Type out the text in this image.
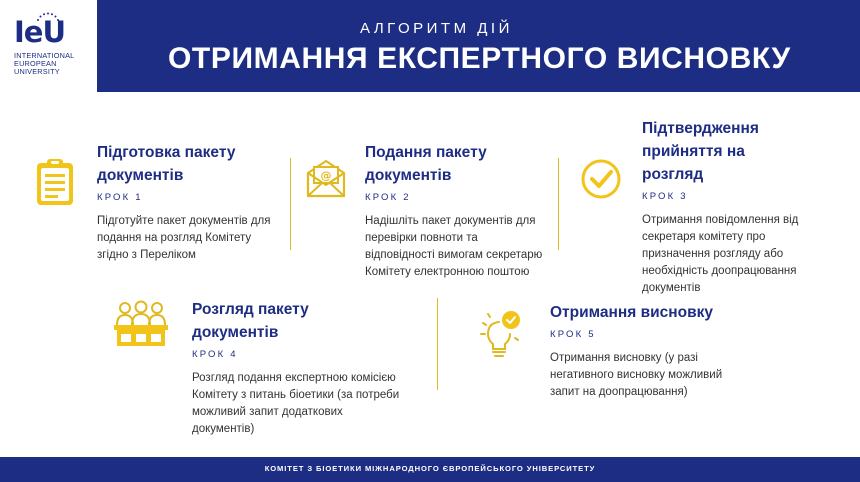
IeU
INTERNATIONAL
EUROPEAN
UNIVERSITY
АЛГОРИТМ ДІЙ
ОТРИМАННЯ ЕКСПЕРТНОГО ВИСНОВКУ
Підготовка пакету документів
КРОК 1
Підготуйте пакет документів для подання на розгляд Комітету згідно з Переліком
@
Подання пакету документів
КРОК 2
Надішліть пакет документів для перевірки повноти та відповідності вимогам секретарю Комітету електронною поштою
Підтвердження прийняття на розгляд
КРОК 3
Отримання повідомлення від секретаря комітету про призначення розгляду або необхідність доопрацювання документів
Розгляд пакету документів
КРОК 4
Розгляд подання експертною комісією Комітету з питань біоетики (за потреби можливий запит додаткових документів)
Отримання висновку
КРОК 5
Отримання висновку (у разі негативного висновку можливий запит на доопрацювання)
КОМІТЕТ З БІОЕТИКИ МІЖНАРОДНОГО ЄВРОПЕЙСЬКОГО УНІВЕРСИТЕТУ
